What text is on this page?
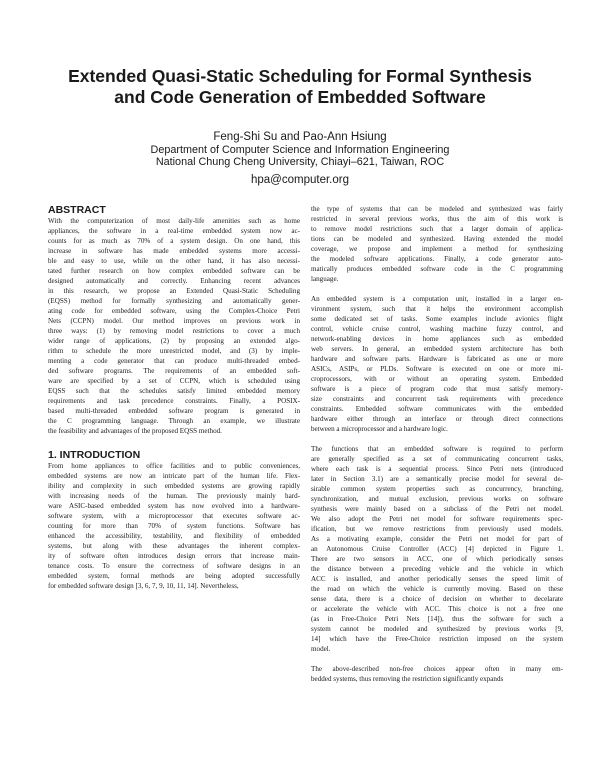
Extended Quasi-Static Scheduling for Formal Synthesis
and Code Generation of Embedded Software
Feng-Shi Su and Pao-Ann Hsiung
Department of Computer Science and Information Engineering
National Chung Cheng University, Chiayi–621, Taiwan, ROC
hpa@computer.org
ABSTRACT

With the computerization of most daily-life amenities such as home
appliances, the software in a real-time embedded system now ac-
counts for as much as 70% of a system design. On one hand, this
increase in software has made embedded systems more accessi-
ble and easy to use, while on the other hand, it has also necessi-
tated further research on how complex embedded software can be
designed automatically and correctly. Enhancing recent advances
in this research, we propose an Extended Quasi-Static Scheduling
(EQSS) method for formally synthesizing and automatically gener-
ating code for embedded software, using the Complex-Choice Petri
Nets (CCPN) model. Our method improves on previous work in
three ways: (1) by removing model restrictions to cover a much
wider range of applications, (2) by proposing an extended algo-
rithm to schedule the more unrestricted model, and (3) by imple-
menting a code generator that can produce multi-threaded embed-
ded software programs. The requirements of an embedded soft-
ware are specified by a set of CCPN, which is scheduled using
EQSS such that the schedules satisfy limited embedded memory
requirements and task precedence constraints. Finally, a POSIX-
based multi-threaded embedded software program is generated in
the C programming language. Through an example, we illustrate
the feasibility and advantages of the proposed EQSS method.

1. INTRODUCTION

From home appliances to office facilities and to public conveniences,
embedded systems are now an intricate part of the human life. Flex-
ibility and complexity in such embedded systems are growing rapidly
with increasing needs of the human. The previously mainly hard-
ware ASIC-based embedded system has now evolved into a hardware-
software system, with a microprocessor that executes software ac-
counting for more than 70% of system functions. Software has
enhanced the accessibility, testability, and flexibility of embedded
systems, but along with these advantages the inherent complex-
ity of software often introduces design errors that increase main-
tenance costs. To ensure the correctness of software designs in an
embedded system, formal methods are being adopted successfully
for embedded software design [3, 6, 7, 9, 10, 11, 14]. Nevertheless,

the type of systems that can be modeled and synthesized was fairly
restricted in several previous works, thus the aim of this work is
to remove model restrictions such that a larger domain of applica-
tions can be modeled and synthesized. Having extended the model
coverage, we propose and implement a method for synthesizing
the modeled software applications. Finally, a code generator auto-
matically produces embedded software code in the C programming
language.

An embedded system is a computation unit, installed in a larger en-
vironment system, such that it helps the environment accomplish
some dedicated set of tasks. Some examples include avionics flight
control, vehicle cruise control, washing machine fuzzy control, and
network-enabling devices in home appliances such as embedded
web servers. In general, an embedded system architecture has both
hardware and software parts. Hardware is fabricated as one or more
ASICs, ASIPs, or PLDs. Software is executed on one or more mi-
croprocessors, with or without an operating system. Embedded
software is a piece of program code that must satisfy memory-
size constraints and concurrent task requirements with precedence
constraints. Embedded software communicates with the embedded
hardware either through an interface or through direct connections
between a microprocessor and a hardware logic.

The functions that an embedded software is required to perform
are generally specified as a set of communicating concurrent tasks,
where each task is a sequential process. Since Petri nets (introduced
later in Section 3.1) are a semantically precise model for several de-
sirable common system properties such as concurrency, branching,
synchronization, and mutual exclusion, previous works on software
synthesis were mainly based on a subclass of the Petri net model.
We also adopt the Petri net model for software requirements spec-
ification, but we remove restrictions from previously used models.
As a motivating example, consider the Petri net model for part of
an Autonomous Cruise Controller (ACC) [4] depicted in Figure 1.
There are two sensors in ACC, one of which periodically senses
the distance between a preceding vehicle and the vehicle in which
ACC is installed, and another periodically senses the speed limit of
the road on which the vehicle is currently moving. Based on these
sense data, there is a choice of decision on whether to decelarate
or accelerate the vehicle with ACC. This choice is not a free one
(as in Free-Choice Petri Nets [14]), thus the software for such a
system cannot be modeled and synthesized by previous works [9,
14] which have the Free-Choice restriction imposed on the system
model.

The above-described non-free choices appear often in many em-
bedded systems, thus removing the restriction significantly expands
